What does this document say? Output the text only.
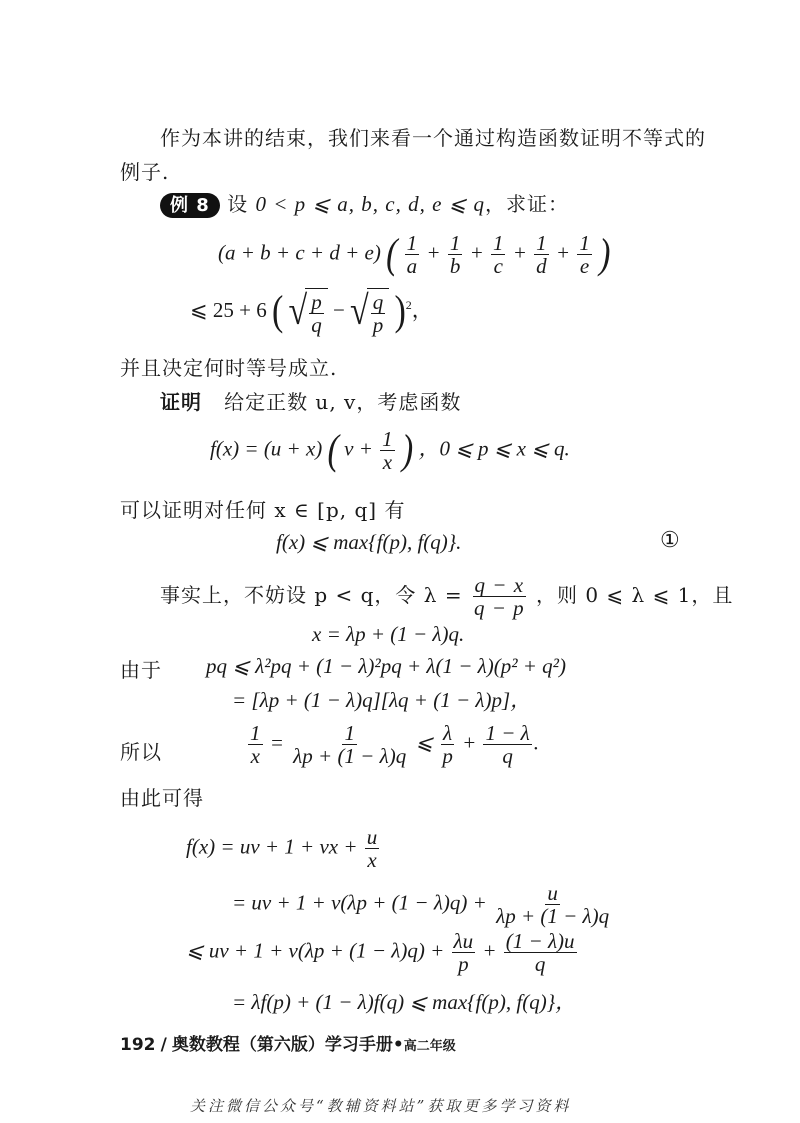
作为本讲的结束，我们来看一个通过构造函数证明不等式的
例子.
例 8 设 0 < p ⩽ a, b, c, d, e ⩽ q，求证：
(a + b + c + d + e) ( $\frac{1}{a} + \frac{1}{b} + \frac{1}{c} + \frac{1}{d} + \frac{1}{e}$ )
⩽ 25 + 6 ( √ $\frac{p}{q}$ − √ $\frac{q}{p} )^2$，
并且决定何时等号成立.
证明 给定正数 u, v，考虑函数
f(x) = (u + x) ( $v + \frac{1}{x}$ ) ，0 ⩽ p ⩽ x ⩽ q.
可以证明对任何 x ∈ [p, q] 有
f(x) ⩽ max{f(p), f(q)}.	①
事实上，不妨设 p < q，令 $\lambda = \frac{q - x}{q - p}$ ，则 0 ⩽ λ ⩽ 1，且
x = λp + (1 − λ)q.
由于 pq ⩽ λ²pq + (1 − λ)²pq + λ(1 − λ)(p² + q²)
= [λp + (1 − λ)q][λq + (1 − λ)p]，
所以	$\frac{1}{x} = \frac{1}{\lambda p + (1 - \lambda)q}$ ⩽ $\frac{\lambda}{p} + \frac{1 - \lambda}{q}$ .
由此可得
f(x) = uv + 1 + vx + $\frac{u}{x}$
= uv + $1 + v(\lambda p + (1 - \lambda)q) + \frac{u}{\lambda p + (1 - \lambda)q}$
⩽ uv + $1 + v(\lambda p + (1 - \lambda)q) + \frac{\lambda u}{p} + \frac{(1 - \lambda)u}{q}$
= λf(p) + (1 − λ)f(q) ⩽ max{f(p), f(q)}，
192 / 奥数教程（第六版）学习手册•高二年级
关注微信公众号“教辅资料站”获取更多学习资料
